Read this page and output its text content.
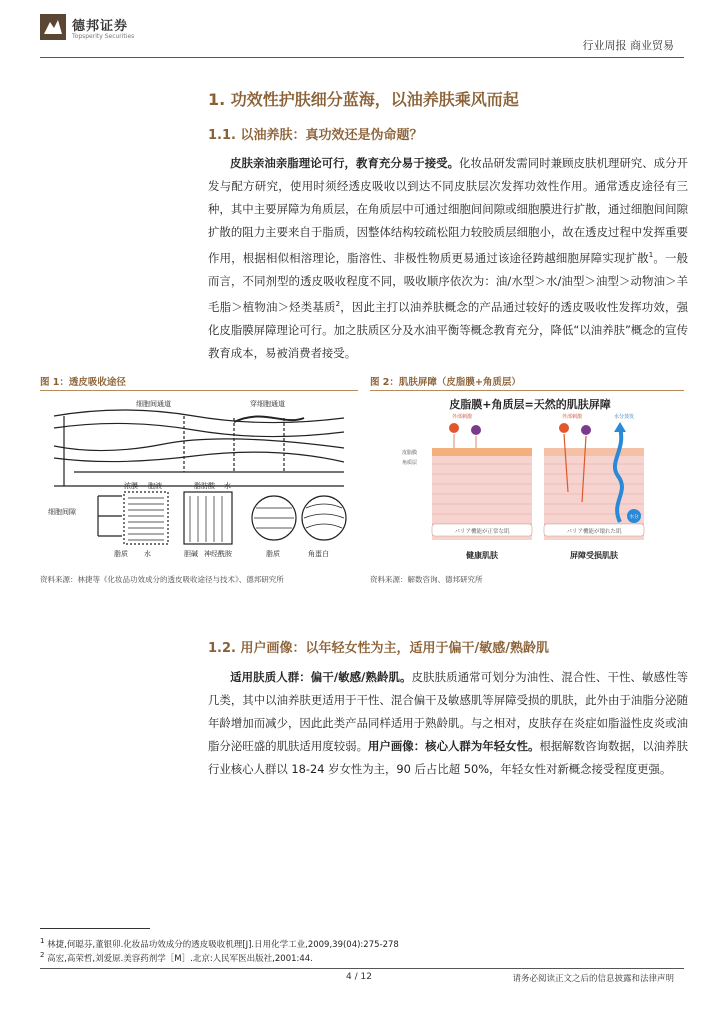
德邦证券
Topsperity Securities
行业周报 商业贸易
1. 功效性护肤细分蓝海，以油养肤乘风而起
1.1. 以油养肤：真功效还是伪命题？
皮肤亲油亲脂理论可行，教育充分易于接受。化妆品研发需同时兼顾皮肤机理研究、成分开发与配方研究，使用时须经透皮吸收以到达不同皮肤层次发挥功效性作用。通常透皮途径有三种，其中主要屏障为角质层，在角质层中可通过细胞间间隙或细胞膜进行扩散，通过细胞间间隙扩散的阻力主要来自于脂质，因整体结构较疏松阻力较胶质层细胞小，故在透皮过程中发挥重要作用，根据相似相溶理论，脂溶性、非极性物质更易通过该途径跨越细胞屏障实现扩散$^1$。一般而言，不同剂型的透皮吸收程度不同，吸收顺序依次为：油/水型＞水/油型＞油型＞动物油＞羊毛脂＞植物油＞烃类基质$^2$，因此主打以油养肤概念的产品通过较好的透皮吸收性发挥功效，强化皮脂膜屏障理论可行。加之肤质区分及水油平衡等概念教育充分，降低“以油养肤”概念的宣传教育成本，易被消费者接受。
图 1：透皮吸收途径
细胞间通道	穿细胞通道
细胞间隙
脂质 水
浓膜 胞液	脂肪酸 水
胆碱 神经酰胺	脂质	角蛋白
资料来源：林捷等《化妆品功效成分的透皮吸收途径与技术》、德邦研究所
图 2：肌肤屏障（皮脂膜+角质层）
皮脂膜+角质层=天然的肌肤屏障
バリア機能が正常な肌
外部刺激
皮脂膜
角质层
バリア機能が壊れた肌
外部刺激	水分蒸发
水分
健康肌肤	屏障受损肌肤
资料来源：解数咨询、德邦研究所
1.2. 用户画像：以年轻女性为主，适用于偏干/敏感/熟龄肌
适用肤质人群：偏干/敏感/熟龄肌。皮肤肤质通常可划分为油性、混合性、干性、敏感性等几类，其中以油养肤更适用于干性、混合偏干及敏感肌等屏障受损的肌肤，此外由于油脂分泌随年龄增加而减少，因此此类产品同样适用于熟龄肌。与之相对，皮肤存在炎症如脂溢性皮炎或油脂分泌旺盛的肌肤适用度较弱。用户画像：核心人群为年轻女性。根据解数咨询数据，以油养肤行业核心人群以 18-24 岁女性为主，90 后占比超 50%，年轻女性对新概念接受程度更强。
$^1$ 林捷,何聪芬,董银卯.化妆品功效成分的透皮吸收机理[J].日用化学工业,2009,39(04):275-278
$^2$ 高宏,高荣哲,刘爱原.美容药剂学［M］.北京:人民军医出版社,2001:44.
4 / 12	请务必阅读正文之后的信息披露和法律声明
